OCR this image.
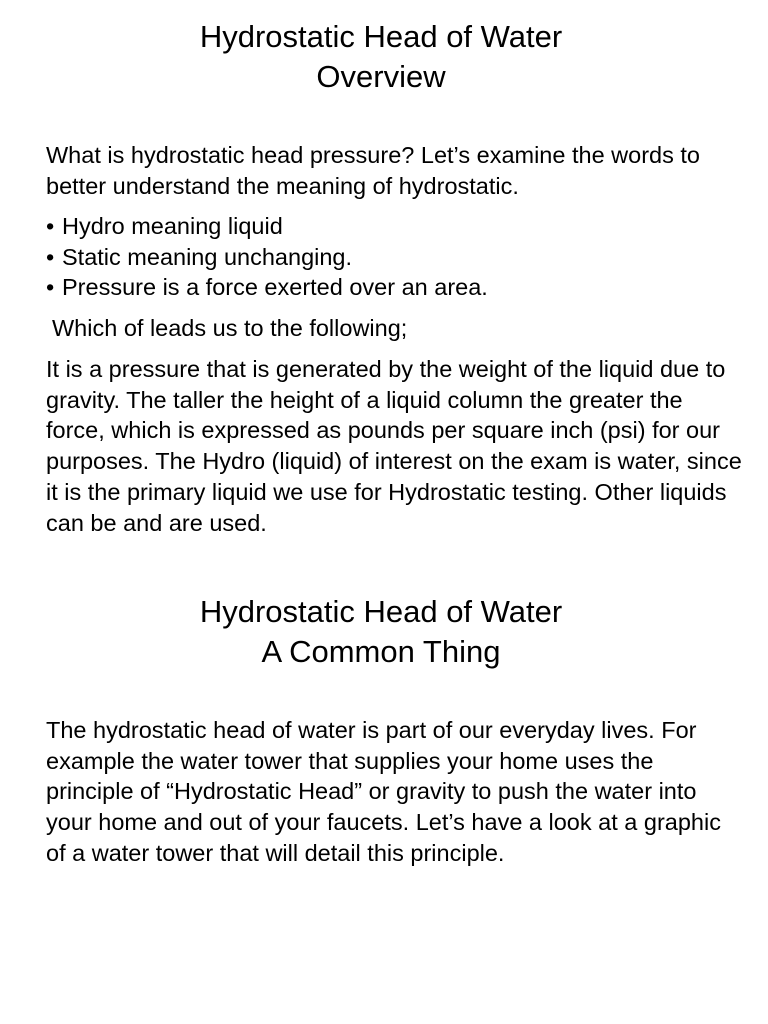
Hydrostatic Head of Water
Overview

What is hydrostatic head pressure? Let’s examine the words to better understand the meaning of hydrostatic.

• Hydro meaning liquid
• Static meaning unchanging.
• Pressure is a force exerted over an area.

Which of leads us to the following;

It is a pressure that is generated by the weight of the liquid due to gravity. The taller the height of a liquid column the greater the force, which is expressed as pounds per square inch (psi) for our purposes. The Hydro (liquid) of interest on the exam is water, since it is the primary liquid we use for Hydrostatic testing. Other liquids can be and are used.

Hydrostatic Head of Water
A Common Thing

The hydrostatic head of water is part of our everyday lives. For example the water tower that supplies your home uses the principle of “Hydrostatic Head” or gravity to push the water into your home and out of your faucets. Let’s have a look at a graphic of a water tower that will detail this principle.
